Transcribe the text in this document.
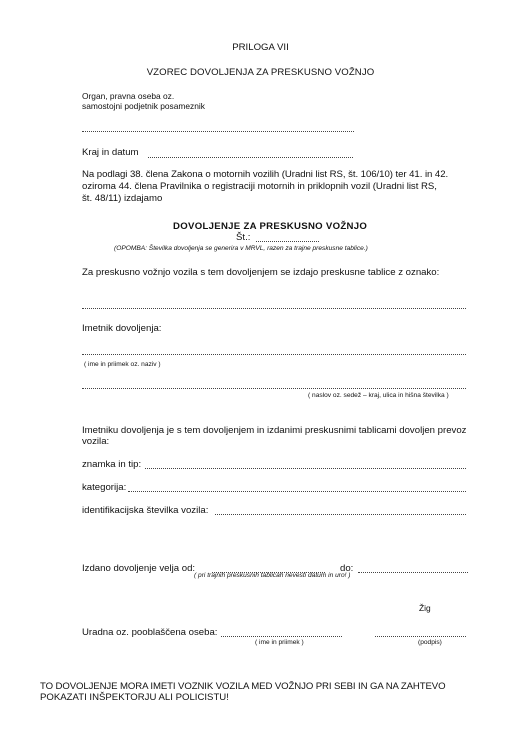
PRILOGA VII
VZOREC DOVOLJENJA ZA PRESKUSNO VOŽNJO
Organ, pravna oseba oz.
samostojni podjetnik posameznik
Kraj in datum
Na podlagi 38. člena Zakona o motornih vozilih (Uradni list RS, št. 106/10) ter 41. in 42.
oziroma 44. člena Pravilnika o registraciji motornih in priklopnih vozil (Uradni list RS,
št. 48/11) izdajamo
DOVOLJENJE ZA PRESKUSNO VOŽNJO
Št.:
(OPOMBA: Številka dovoljenja se generira v MRVL, razen za trajne preskusne tablice.)
Za preskusno vožnjo vozila s tem dovoljenjem se izdajo preskusne tablice z oznako:
Imetnik dovoljenja:
( ime in priimek oz. naziv )
( naslov oz. sedež – kraj, ulica in hišna številka )
Imetniku dovoljenja je s tem dovoljenjem in izdanimi preskusnimi tablicami dovoljen prevoz
vozila:
znamka in tip:
kategorija:
identifikacijska številka vozila:
Izdano dovoljenje velja od:	do:
( pri trajnih preskusnih tablicah nevesti datum in uro! )
Žig
Uradna oz. pooblaščena oseba:
( ime in priimek )	(podpis)
TO DOVOLJENJE MORA IMETI VOZNIK VOZILA MED VOŽNJO PRI SEBI IN GA NA ZAHTEVO
POKAZATI INŠPEKTORJU ALI POLICISTU!
